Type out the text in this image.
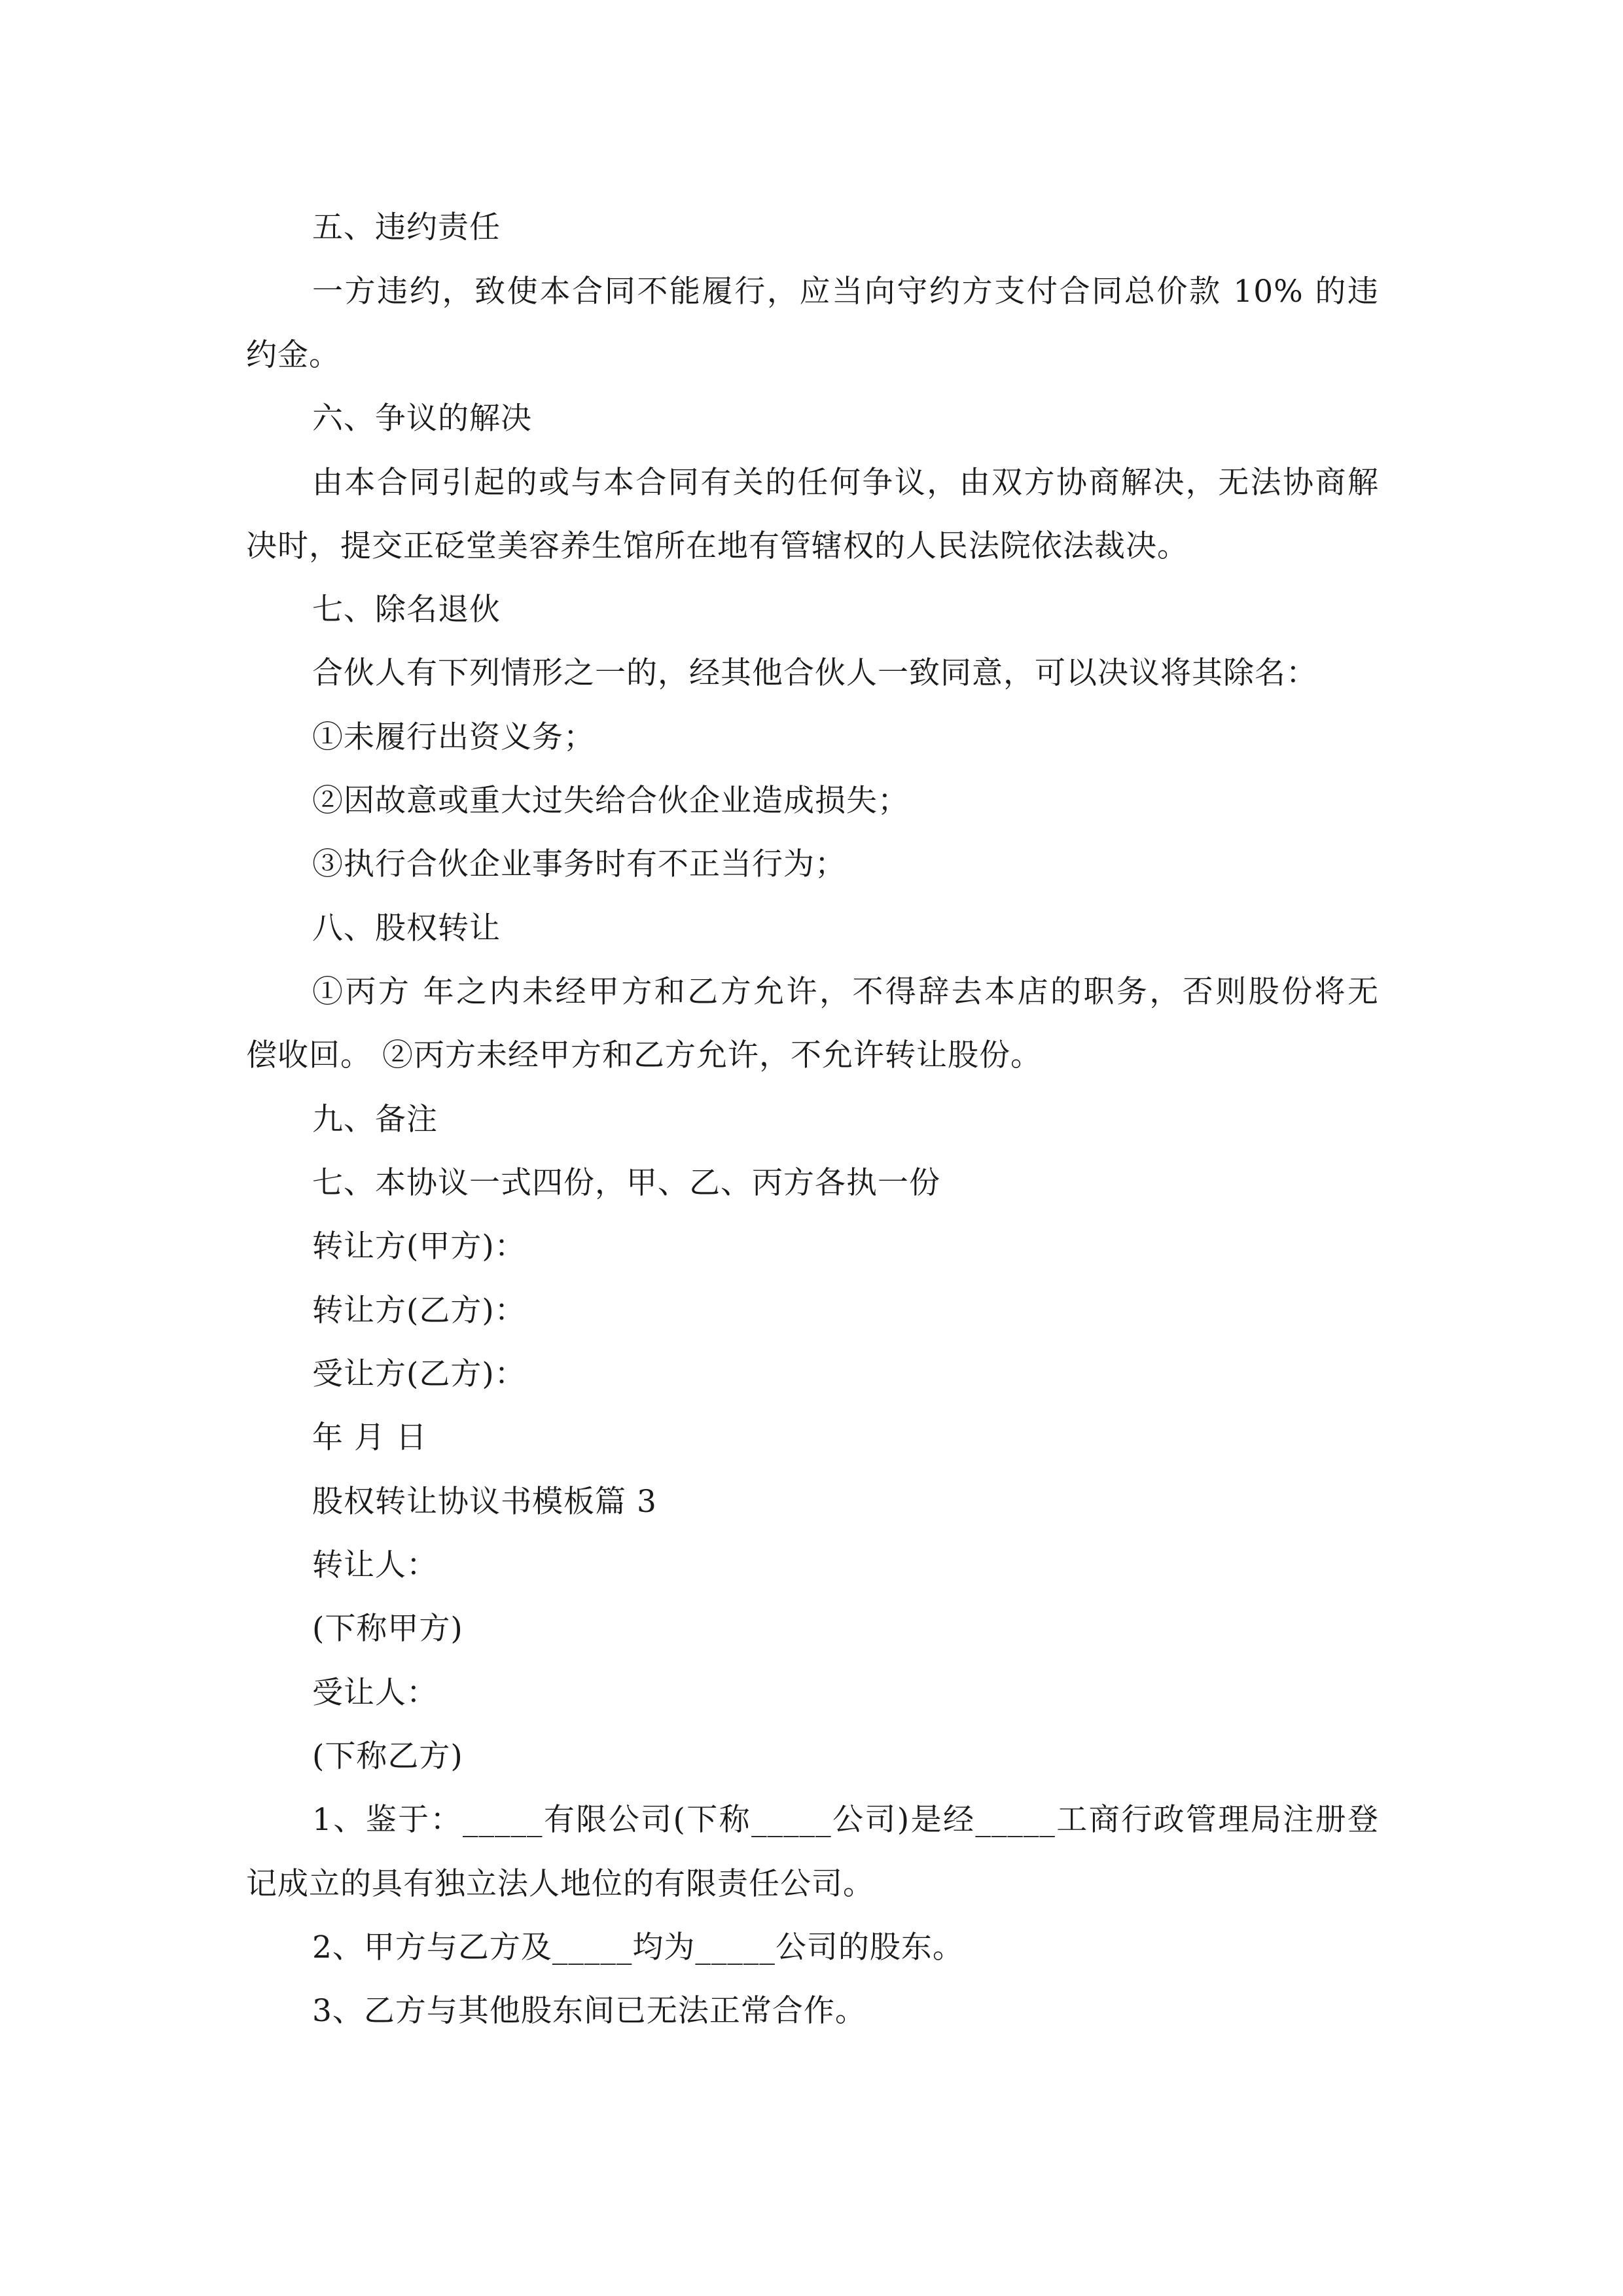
五、违约责任
一方违约，致使本合同不能履行，应当向守约方支付合同总价款 10% 的违
约金。
六、争议的解决
由本合同引起的或与本合同有关的任何争议，由双方协商解决，无法协商解
决时，提交正砭堂美容养生馆所在地有管辖权的人民法院依法裁决。
七、除名退伙
合伙人有下列情形之一的，经其他合伙人一致同意，可以决议将其除名：
①未履行出资义务；
②因故意或重大过失给合伙企业造成损失；
③执行合伙企业事务时有不正当行为；
八、股权转让
①丙方 年之内未经甲方和乙方允许，不得辞去本店的职务，否则股份将无
偿收回。 ②丙方未经甲方和乙方允许，不允许转让股份。
九、备注
七、本协议一式四份，甲、乙、丙方各执一份
转让方(甲方)：
转让方(乙方)：
受让方(乙方)：
年 月 日
股权转让协议书模板篇 3
转让人：
(下称甲方)
受让人：
(下称乙方)
1、鉴于：_____有限公司(下称_____公司)是经_____工商行政管理局注册登
记成立的具有独立法人地位的有限责任公司。
2、甲方与乙方及_____均为_____公司的股东。
3、乙方与其他股东间已无法正常合作。
